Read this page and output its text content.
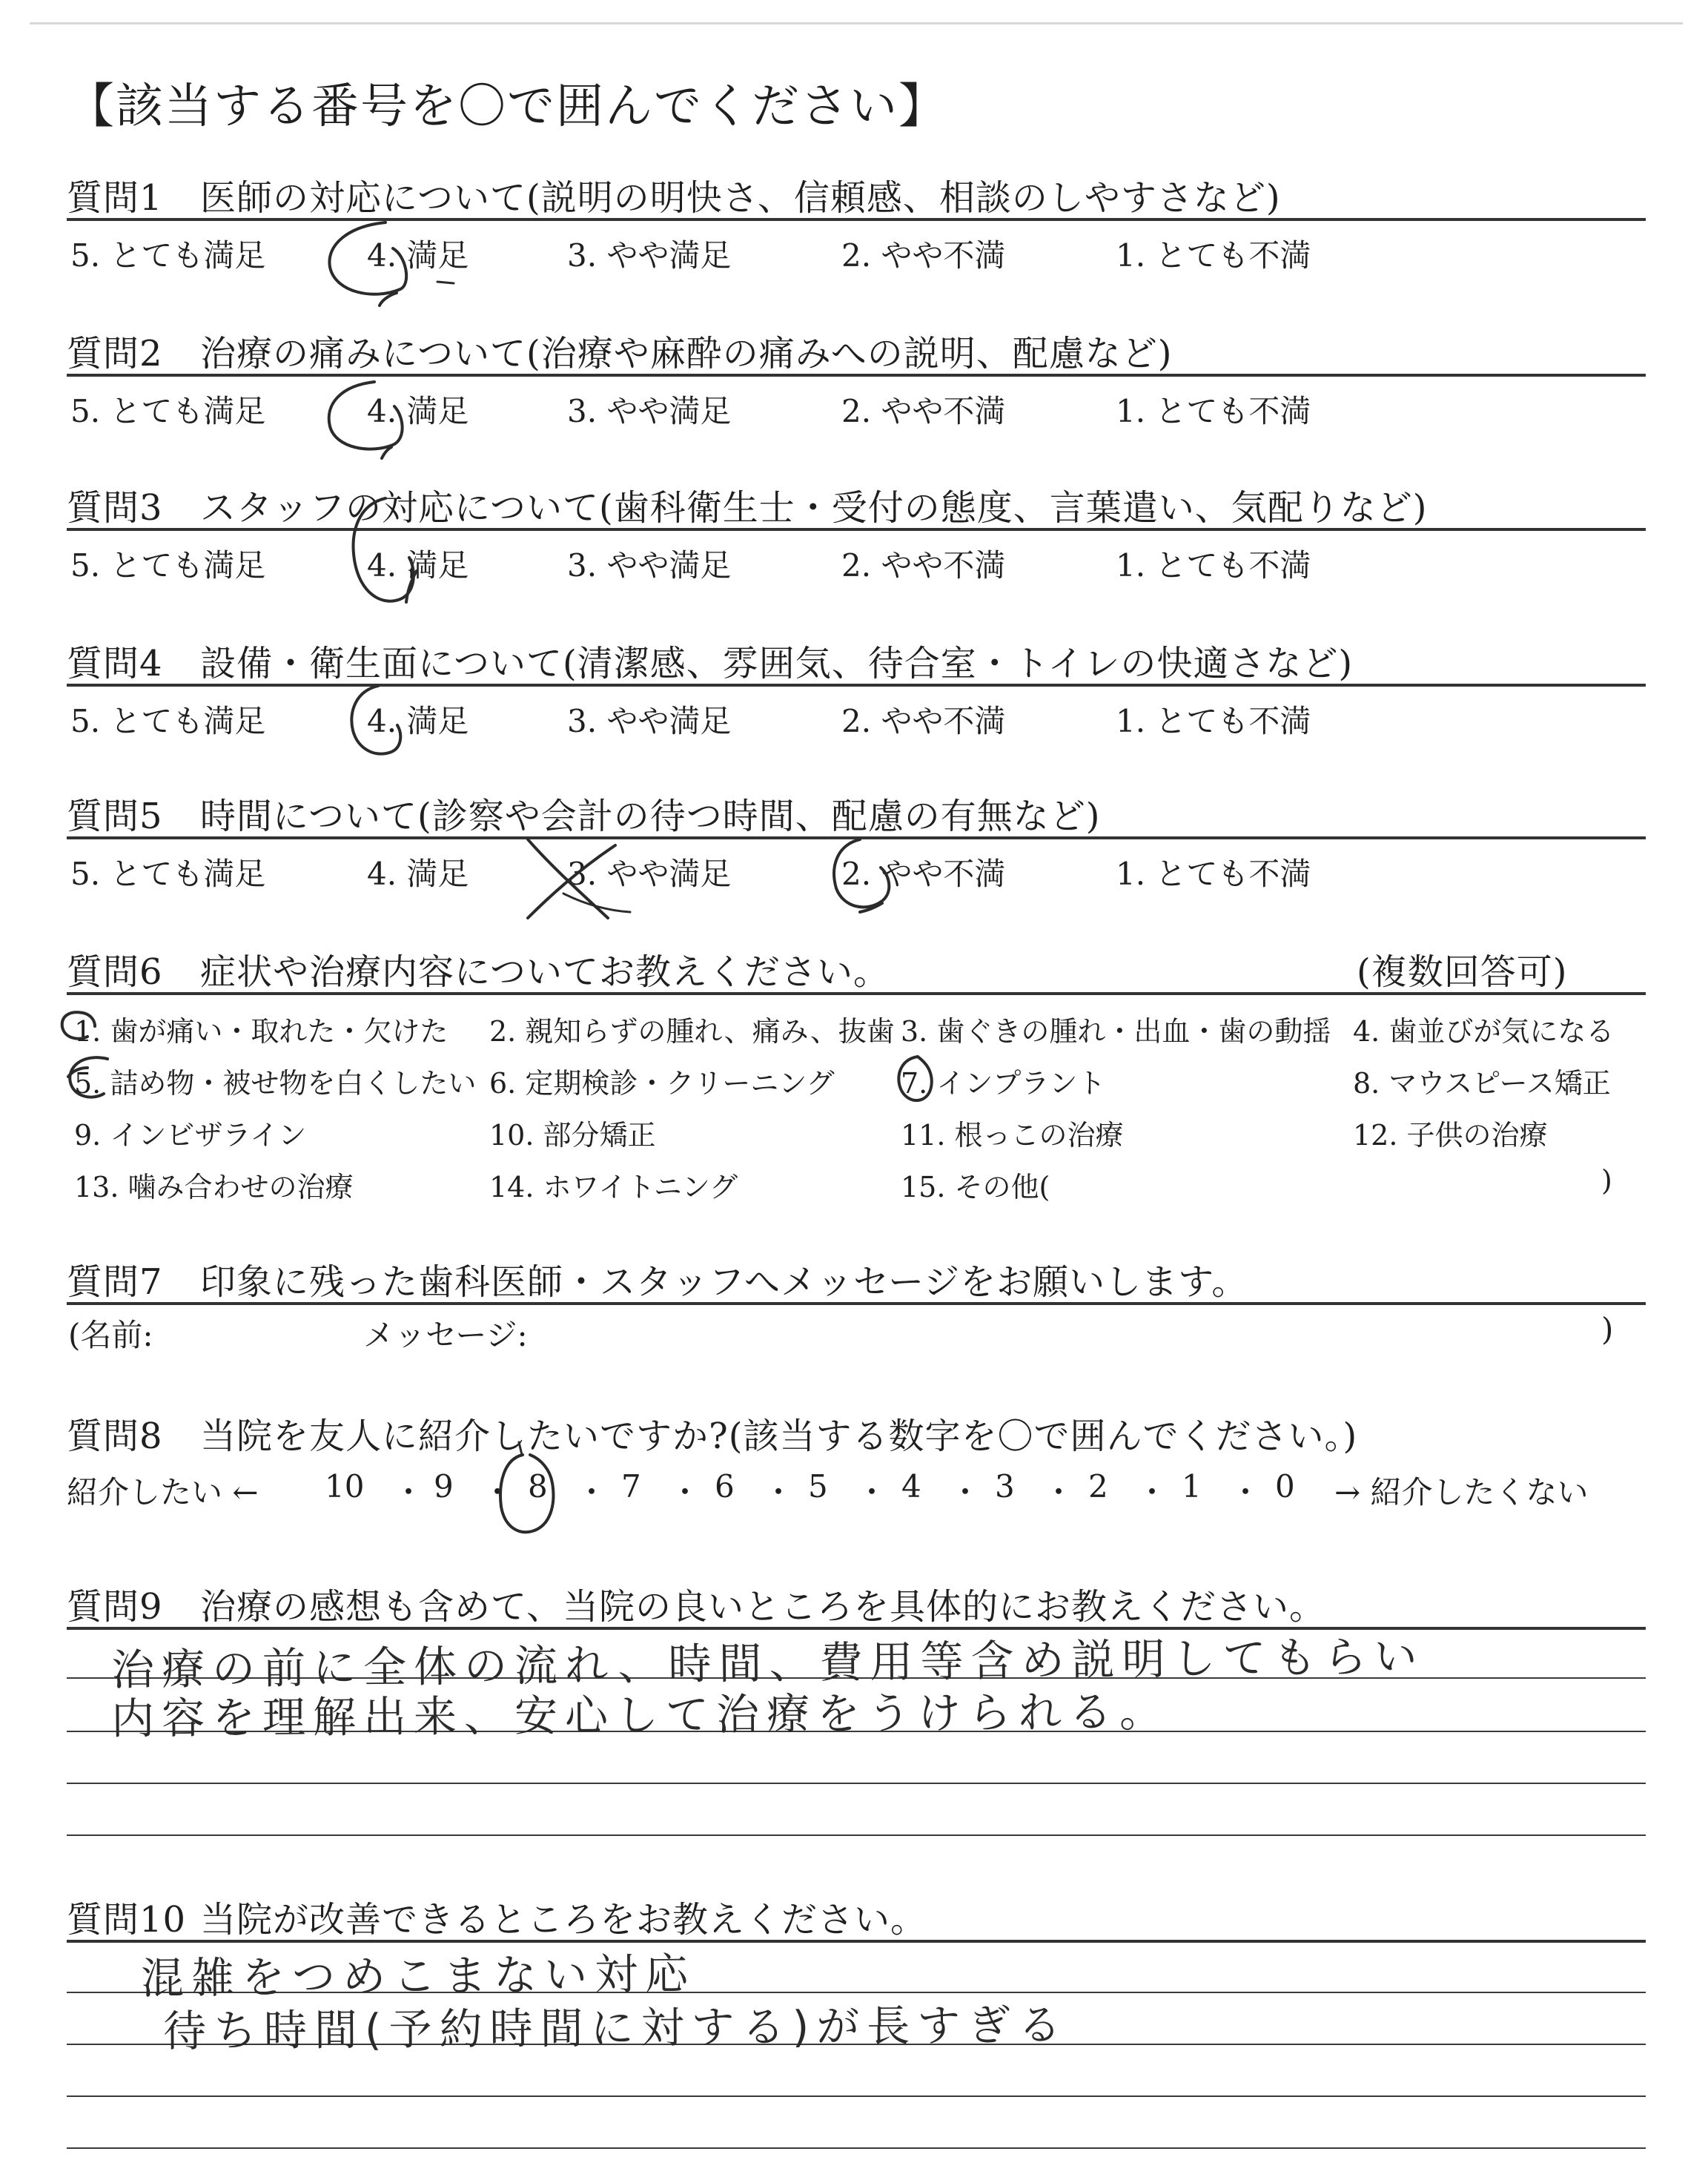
【該当する番号を〇で囲んでください】
質問1 医師の対応について(説明の明快さ、信頼感、相談のしやすさなど)
5. とても満足	4. 満足	3. やや満足	2. やや不満	1. とても不満
質問2 治療の痛みについて(治療や麻酔の痛みへの説明、配慮など)
5. とても満足	4. 満足	3. やや満足	2. やや不満	1. とても不満
質問3 スタッフの対応について(歯科衛生士・受付の態度、言葉遣い、気配りなど)
5. とても満足	4. 満足	3. やや満足	2. やや不満	1. とても不満
質問4 設備・衛生面について(清潔感、雰囲気、待合室・トイレの快適さなど)
5. とても満足	4. 満足	3. やや満足	2. やや不満	1. とても不満
質問5 時間について(診察や会計の待つ時間、配慮の有無など)
5. とても満足	4. 満足	3. やや満足	2. やや不満	1. とても不満
質問6 症状や治療内容についてお教えください。	(複数回答可)
1. 歯が痛い・取れた・欠けた 2. 親知らずの腫れ、痛み、抜歯 3. 歯ぐきの腫れ・出血・歯の動揺 4. 歯並びが気になる
5. 詰め物・被せ物を白くしたい 6. 定期検診・クリーニング 7. インプラント	8. マウスピース矯正
9. インビザライン	10. 部分矯正	11. 根っこの治療	12. 子供の治療
13. 噛み合わせの治療	14. ホワイトニング	15. その他(	)
質問7 印象に残った歯科医師・スタッフへメッセージをお願いします。
(名前:	メッセージ:	)
質問8 当院を友人に紹介したいですか?(該当する数字を〇で囲んでください。)
紹介したい ← 10 ・ 9 ・ 8 ・ 7 ・ 6 ・ 5 ・ 4 ・ 3 ・ 2 ・ 1 ・ 0 → 紹介したくない
質問9 治療の感想も含めて、当院の良いところを具体的にお教えください。
治療の前に全体の流れ、時間、費用等含め説明してもらい
内容を理解出来、安心して治療をうけられる。
質問10 当院が改善できるところをお教えください。
混雑をつめこまない対応
待ち時間(予約時間に対する)が長すぎる
